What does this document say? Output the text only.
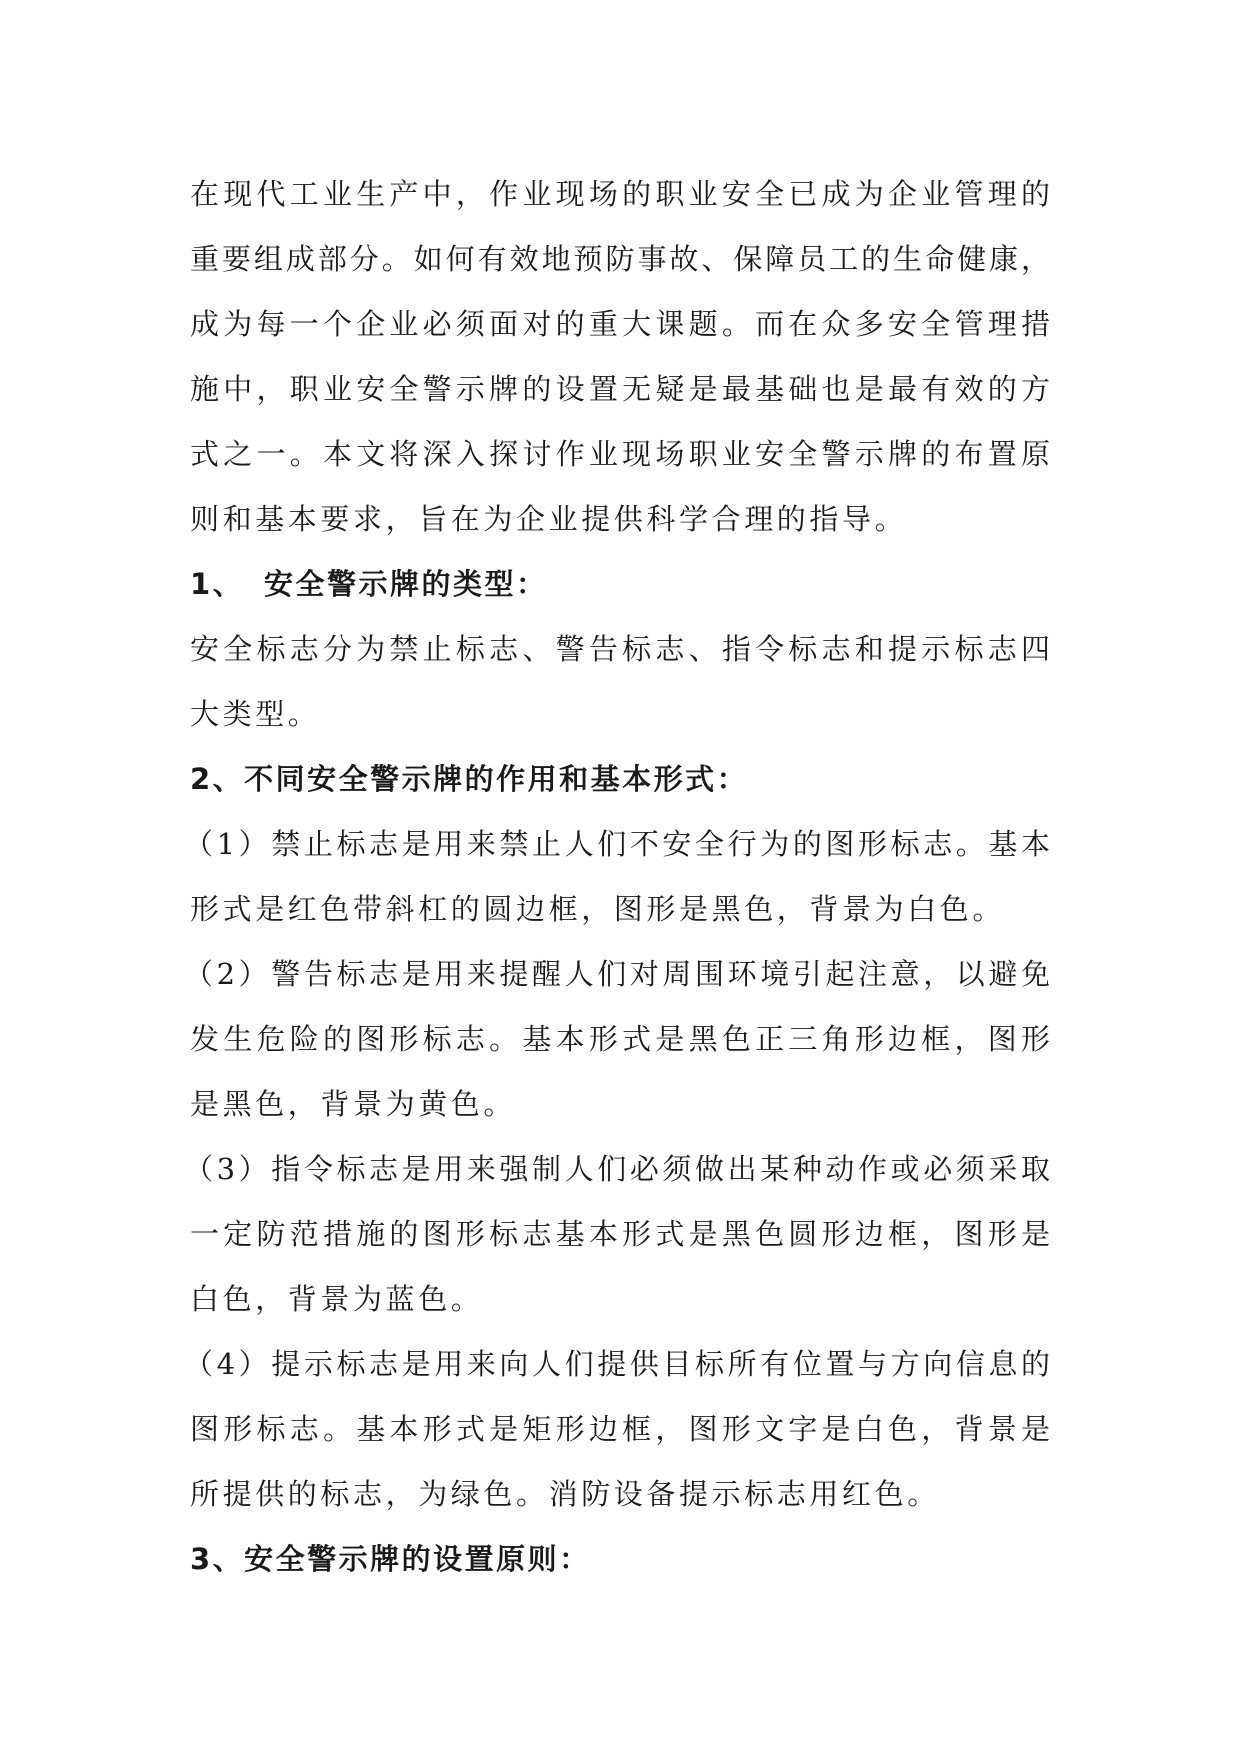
在现代工业生产中，作业现场的职业安全已成为企业管理的
重要组成部分。如何有效地预防事故、保障员工的生命健康，
成为每一个企业必须面对的重大课题。而在众多安全管理措
施中，职业安全警示牌的设置无疑是最基础也是最有效的方
式之一。本文将深入探讨作业现场职业安全警示牌的布置原
则和基本要求，旨在为企业提供科学合理的指导。
1、 安全警示牌的类型：
安全标志分为禁止标志、警告标志、指令标志和提示标志四
大类型。
2、不同安全警示牌的作用和基本形式：
（1）禁止标志是用来禁止人们不安全行为的图形标志。基本
形式是红色带斜杠的圆边框，图形是黑色，背景为白色。
（2）警告标志是用来提醒人们对周围环境引起注意，以避免
发生危险的图形标志。基本形式是黑色正三角形边框，图形
是黑色，背景为黄色。
（3）指令标志是用来强制人们必须做出某种动作或必须采取
一定防范措施的图形标志基本形式是黑色圆形边框，图形是
白色，背景为蓝色。
（4）提示标志是用来向人们提供目标所有位置与方向信息的
图形标志。基本形式是矩形边框，图形文字是白色，背景是
所提供的标志，为绿色。消防设备提示标志用红色。
3、安全警示牌的设置原则：
